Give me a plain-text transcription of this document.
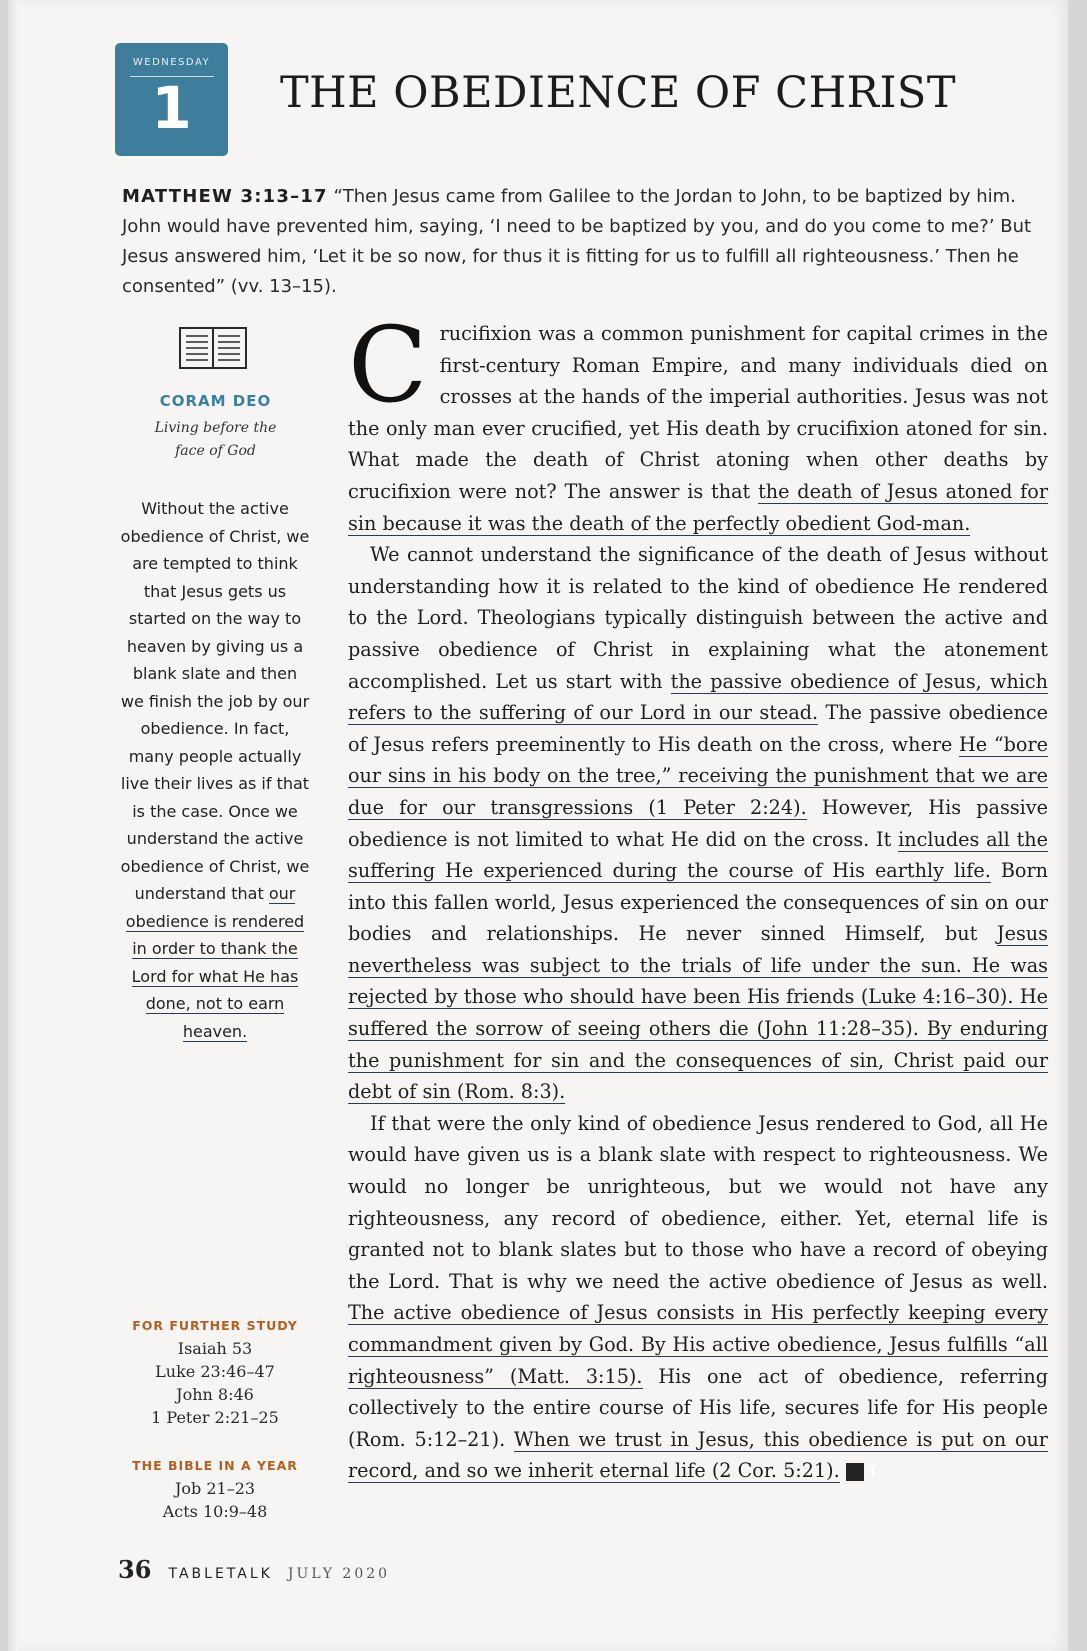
WEDNESDAY
1	THE OBEDIENCE OF CHRIST
MATTHEW 3:13–17 “Then Jesus came from Galilee to the Jordan to John, to be baptized by him. John would have prevented him, saying, ‘I need to be baptized by you, and do you come to me?’ But Jesus answered him, ‘Let it be so now, for thus it is fitting for us to fulfill all righteousness.’ Then he consented” (vv. 13–15).
CORAM DEO
Living before the
face of God
Without the active obedience of Christ, we are tempted to think that Jesus gets us started on the way to heaven by giving us a blank slate and then we finish the job by our obedience. In fact, many people actually live their lives as if that is the case. Once we understand the active obedience of Christ, we understand that our obedience is rendered in order to thank the Lord for what He has done, not to earn heaven.
FOR FURTHER STUDY
Isaiah 53
Luke 23:46–47
John 8:46
1 Peter 2:21–25
THE BIBLE IN A YEAR
Job 21–23
Acts 10:9–48

Crucifixion was a common punishment for capital crimes in the first-century Roman Empire, and many individuals died on crosses at the hands of the imperial authorities. Jesus was not the only man ever crucified, yet His death by crucifixion atoned for sin. What made the death of Christ atoning when other deaths by crucifixion were not? The answer is that the death of Jesus atoned for sin because it was the death of the perfectly obedient God-man.

We cannot understand the significance of the death of Jesus without understanding how it is related to the kind of obedience He rendered to the Lord. Theologians typically distinguish between the active and passive obedience of Christ in explaining what the atonement accomplished. Let us start with the passive obedience of Jesus, which refers to the suffering of our Lord in our stead. The passive obedience of Jesus refers preeminently to His death on the cross, where He “bore our sins in his body on the tree,” receiving the punishment that we are due for our transgressions (1 Peter 2:24). However, His passive obedience is not limited to what He did on the cross. It includes all the suffering He experienced during the course of His earthly life. Born into this fallen world, Jesus experienced the consequences of sin on our bodies and relationships. He never sinned Himself, but Jesus nevertheless was subject to the trials of life under the sun. He was rejected by those who should have been His friends (Luke 4:16–30). He suffered the sorrow of seeing others die (John 11:28–35). By enduring the punishment for sin and the consequences of sin, Christ paid our debt of sin (Rom. 8:3).

If that were the only kind of obedience Jesus rendered to God, all He would have given us is a blank slate with respect to righteousness. We would no longer be unrighteous, but we would not have any righteousness, any record of obedience, either. Yet, eternal life is granted not to blank slates but to those who have a record of obeying the Lord. That is why we need the active obedience of Jesus as well. The active obedience of Jesus consists in His perfectly keeping every commandment given by God. By His active obedience, Jesus fulfills “all righteousness” (Matt. 3:15). His one act of obedience, referring collectively to the entire course of His life, secures life for His people (Rom. 5:12–21). When we trust in Jesus, this obedience is put on our record, and so we inherit eternal life (2 Cor. 5:21). T

36 TABLETALK JULY 2020
